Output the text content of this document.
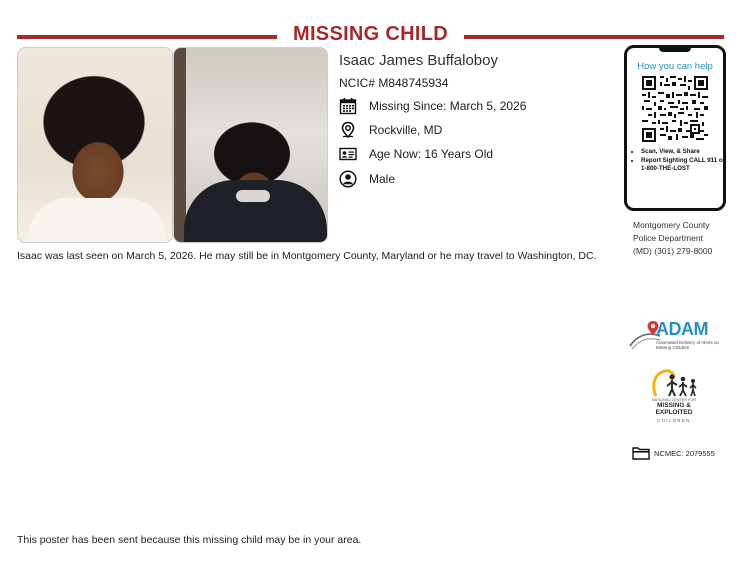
MISSING CHILD
Isaac James Buffaloboy
NCIC# M848745934
Missing Since: March 5, 2026
Rockville, MD
Age Now: 16 Years Old
Male
How you can help
• Scan, View, & Share
• Report Sighting CALL 911 or 1-800-THE-LOST
Montgomery County
Police Department
(MD) (301) 279-8000
Isaac was last seen on March 5, 2026. He may still be in Montgomery County, Maryland or he may travel to Washington, DC.
ADAM
Automated Delivery of Alerts on Missing Children
NATIONAL CENTER FOR
MISSING &
EXPLOITED
CHILDREN
NCMEC: 2079555
This poster has been sent because this missing child may be in your area.
